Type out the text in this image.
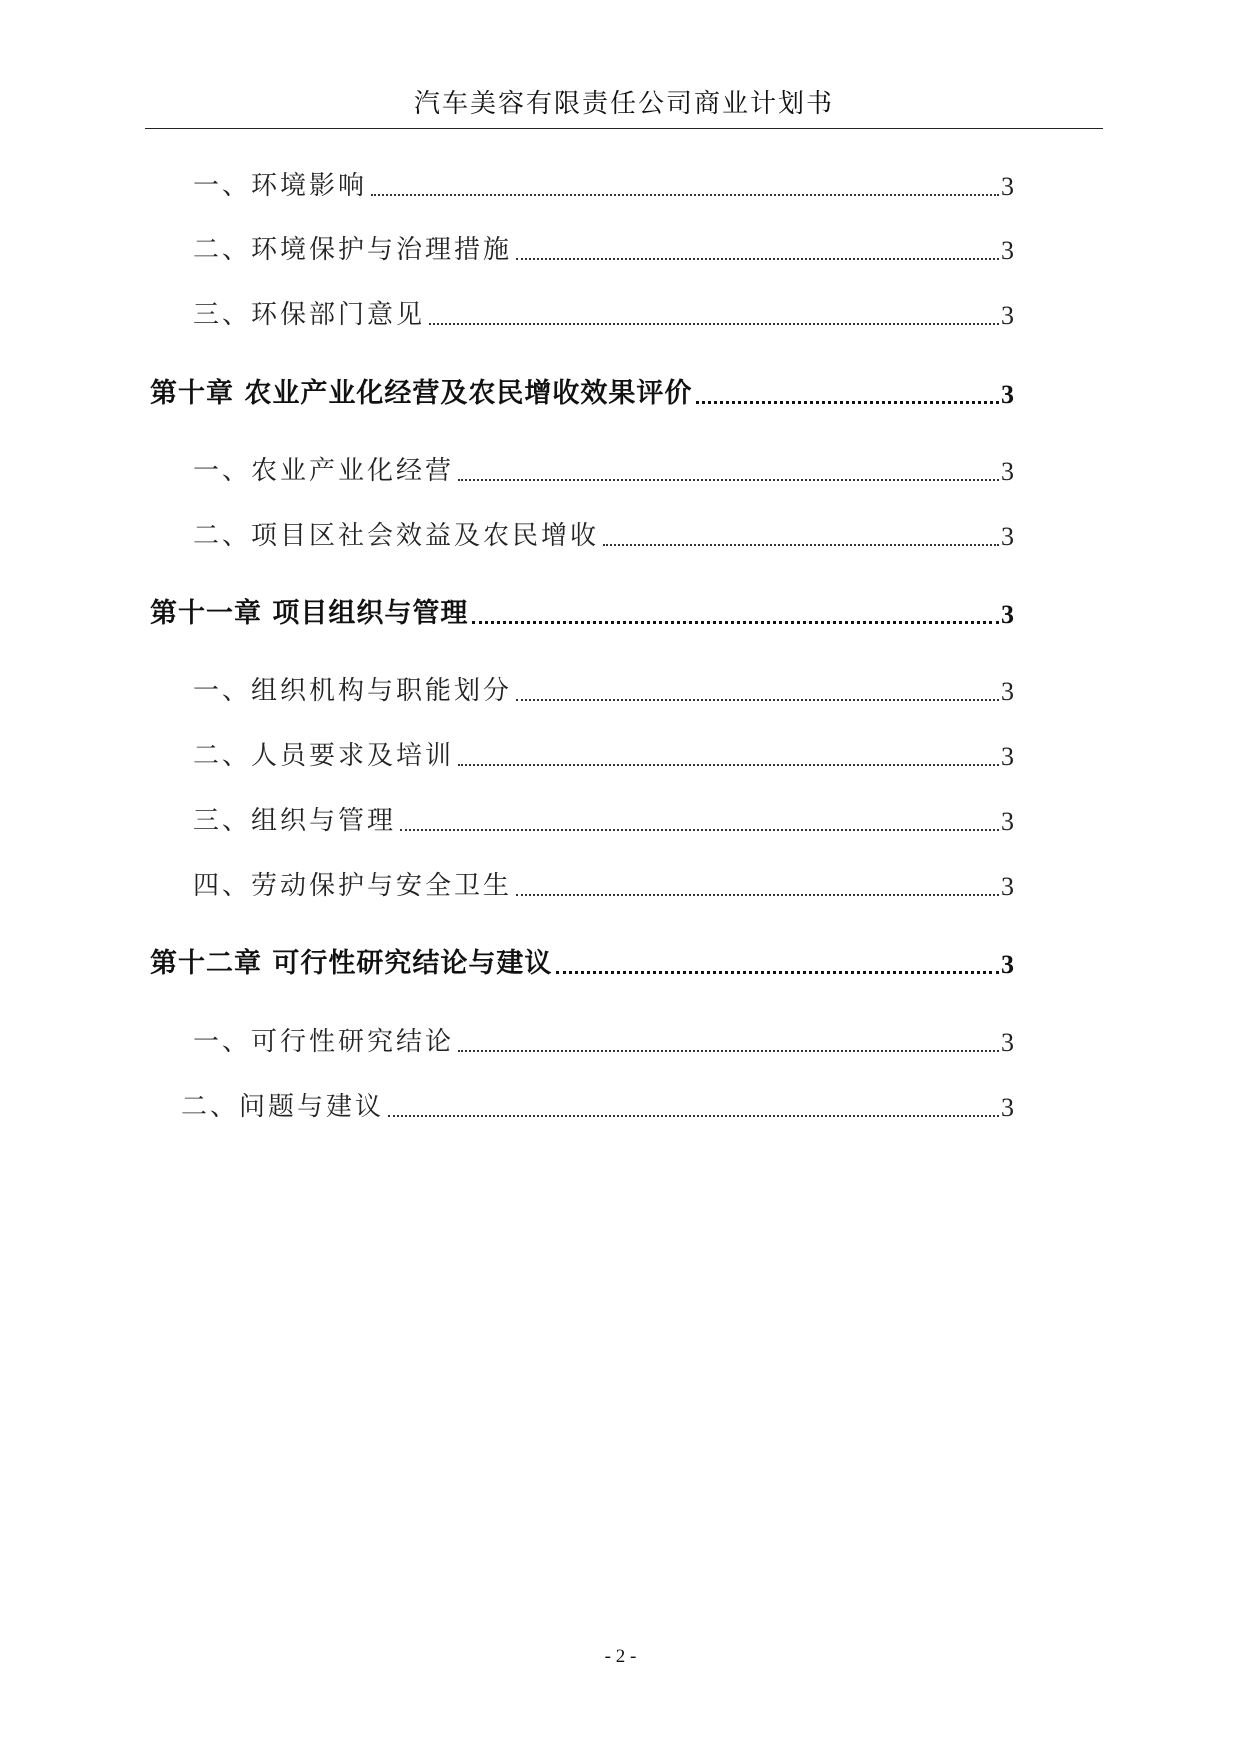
汽车美容有限责任公司商业计划书
一、环境影响	3
二、环境保护与治理措施	3
三、环保部门意见	3
第十章 农业产业化经营及农民增收效果评价	3
一、农业产业化经营	3
二、项目区社会效益及农民增收	3
第十一章 项目组织与管理	3
一、组织机构与职能划分	3
二、人员要求及培训	3
三、组织与管理	3
四、劳动保护与安全卫生	3
第十二章 可行性研究结论与建议	3
一、可行性研究结论	3
二、问题与建议	3
- 2 -
